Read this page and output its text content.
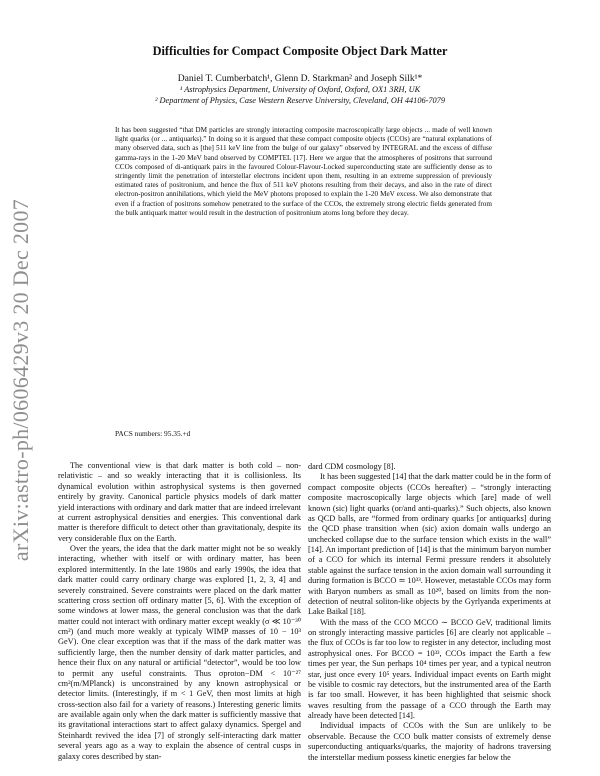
arXiv:astro-ph/0606429v3 20 Dec 2007
Difficulties for Compact Composite Object Dark Matter
Daniel T. Cumberbatch¹, Glenn D. Starkman² and Joseph Silk¹*
¹ Astrophysics Department, University of Oxford, Oxford, OX1 3RH, UK
² Department of Physics, Case Western Reserve University, Cleveland, OH 44106-7079

It has been suggested “that DM particles are strongly interacting composite macroscopically large objects ... made of well known light quarks (or ... antiquarks).” In doing so it is argued that these compact composite objects (CCOs) are “natural explanations of many observed data, such as [the] 511 keV line from the bulge of our galaxy” observed by INTEGRAL and the excess of diffuse gamma-rays in the 1-20 MeV band observed by COMPTEL [17]. Here we argue that the atmospheres of positrons that surround CCOs composed of di-antiquark pairs in the favoured Colour-Flavour-Locked superconducting state are sufficiently dense as to stringently limit the penetration of interstellar electrons incident upon them, resulting in an extreme suppression of previously estimated rates of positronium, and hence the flux of 511 keV photons resulting from their decays, and also in the rate of direct electron-positron annihilations, which yield the MeV photons proposed to explain the 1-20 MeV excess. We also demonstrate that even if a fraction of positrons somehow penetrated to the surface of the CCOs, the extremely strong electric fields generated from the bulk antiquark matter would result in the destruction of positronium atoms long before they decay.

PACS numbers: 95.35.+d

The conventional view is that dark matter is both cold – non-relativistic – and so weakly interacting that it is collisionless. Its dynamical evolution within astrophysical systems is then governed entirely by gravity. Canonical particle physics models of dark matter yield interactions with ordinary and dark matter that are indeed irrelevant at current astrophysical densities and energies. This conventional dark matter is therefore difficult to detect other than gravitationaly, despite its very considerable flux on the Earth.

Over the years, the idea that the dark matter might not be so weakly interacting, whether with itself or with ordinary matter, has been explored intermittently. In the late 1980s and early 1990s, the idea that dark matter could carry ordinary charge was explored [1, 2, 3, 4] and severely constrained. Severe constraints were placed on the dark matter scattering cross section off ordinary matter [5, 6]. With the exception of some windows at lower mass, the general conclusion was that the dark matter could not interact with ordinary matter except weakly (σ ≪ 10⁻³⁰ cm²) (and much more weakly at typicaly WIMP masses of 10 − 10³ GeV). One clear exception was that if the mass of the dark matter was sufficiently large, then the number density of dark matter particles, and hence their flux on any natural or artificial “detector”, would be too low to permit any useful constraints. Thus σproton−DM < 10⁻²⁷ cm²(m/MPlanck) is unconstrained by any known astrophysical or detector limits. (Interestingly, if m < 1 GeV, then most limits at high cross-section also fail for a variety of reasons.) Interesting generic limits are available again only when the dark matter is sufficiently massive that its gravitational interactions start to affect galaxy dynamics. Spergel and Steinhardt revived the idea [7] of strongly self-interacting dark matter several years ago as a way to explain the absence of central cusps in galaxy cores described by stan-

dard CDM cosmology [8].

It has been suggested [14] that the dark matter could be in the form of compact composite objects (CCOs hereafter) – “strongly interacting composite macroscopically large objects which [are] made of well known (sic) light quarks (or/and anti-quarks).” Such objects, also known as QCD balls, are “formed from ordinary quarks [or antiquarks] during the QCD phase transition when (sic) axion domain walls undergo an unchecked collapse due to the surface tension which exists in the wall” [14]. An important prediction of [14] is that the minimum baryon number of a CCO for which its internal Fermi pressure renders it absolutely stable against the surface tension in the axion domain wall surrounding it during formation is BCCO ≃ 10³³. However, metastable CCOs may form with Baryon numbers as small as 10²⁰, based on limits from the non-detection of neutral soliton-like objects by the Gyrlyanda experiments at Lake Baikal [18].

With the mass of the CCO MCCO ∼ BCCO GeV, traditional limits on strongly interacting massive particles [6] are clearly not applicable – the flux of CCOs is far too low to register in any detector, including most astrophysical ones. For BCCO = 10³³, CCOs impact the Earth a few times per year, the Sun perhaps 10⁴ times per year, and a typical neutron star, just once every 10⁵ years. Individual impact events on Earth might be visible to cosmic ray detectors, but the instrumented area of the Earth is far too small. However, it has been highlighted that seismic shock waves resulting from the passage of a CCO through the Earth may already have been detected [14].

Individual impacts of CCOs with the Sun are unlikely to be observable. Because the CCO bulk matter consists of extremely dense superconducting antiquarks/quarks, the majority of hadrons traversing the interstellar medium possess kinetic energies far below the
